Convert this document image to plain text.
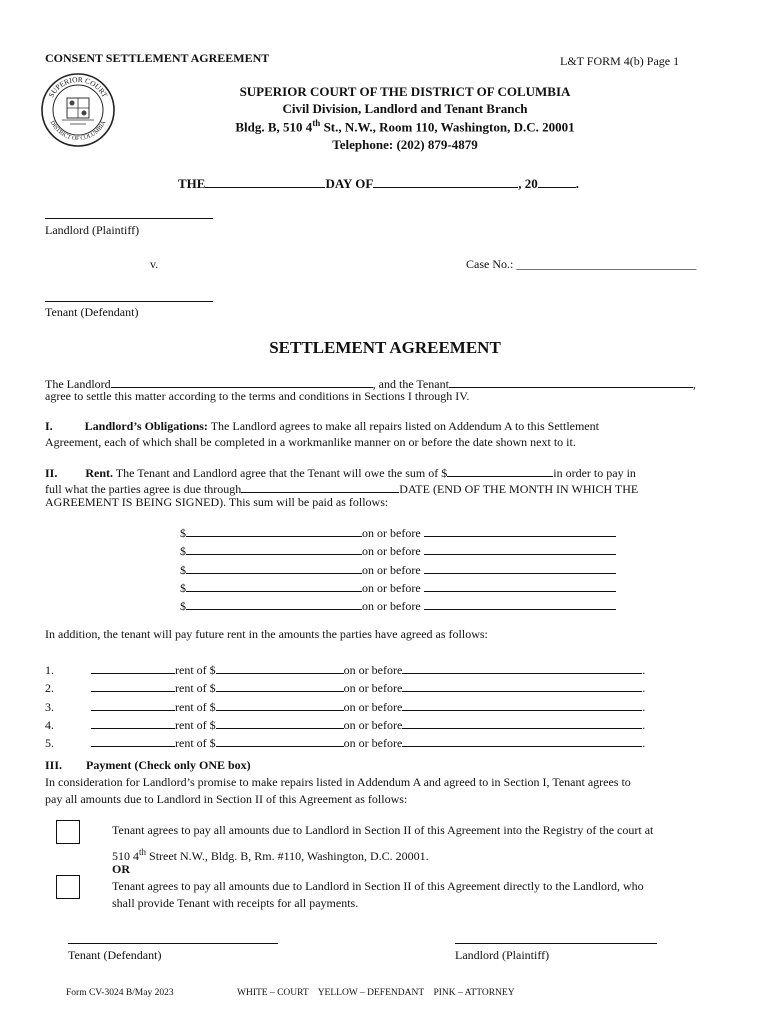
CONSENT SETTLEMENT AGREEMENT	L&T FORM 4(b) Page 1
SUPERIOR COURT
DISTRICT OF COLUMBIA
SUPERIOR COURT OF THE DISTRICT OF COLUMBIA
Civil Division, Landlord and Tenant Branch
Bldg. B, 510 4th St., N.W., Room 110, Washington, D.C. 20001
Telephone: (202) 879-4879
THE	DAY OF	, 20	.
Landlord (Plaintiff)
v.	Case No.: ______________________________
Tenant (Defendant)
SETTLEMENT AGREEMENT
The Landlord	, and the Tenant	,
agree to settle this matter according to the terms and conditions in Sections I through IV.
I.	Landlord’s Obligations: The Landlord agrees to make all repairs listed on Addendum A to this Settlement
Agreement, each of which shall be completed in a workmanlike manner on or before the date shown next to it.
II. Rent. The Tenant and Landlord agree that the Tenant will owe the sum of $	in order to pay in
full what the parties agree is due through	DATE (END OF THE MONTH IN WHICH THE
AGREEMENT IS BEING SIGNED). This sum will be paid as follows:
$	on or before
$	on or before
$	on or before
$	on or before
$	on or before
In addition, the tenant will pay future rent in the amounts the parties have agreed as follows:
1.	rent of $	on or before	.
2.	rent of $	on or before	.
3.	rent of $	on or before	.
4.	rent of $	on or before	.
5.	rent of $	on or before	.
III. Payment (Check only ONE box)
In consideration for Landlord’s promise to make repairs listed in Addendum A and agreed to in Section I, Tenant agrees to
pay all amounts due to Landlord in Section II of this Agreement as follows:
Tenant agrees to pay all amounts due to Landlord in Section II of this Agreement into the Registry of the court at
510 4th Street N.W., Bldg. B, Rm. #110, Washington, D.C. 20001.
OR
Tenant agrees to pay all amounts due to Landlord in Section II of this Agreement directly to the Landlord, who
shall provide Tenant with receipts for all payments.
Tenant (Defendant)	Landlord (Plaintiff)
Form CV-3024 B/May 2023	WHITE – COURT    YELLOW – DEFENDANT    PINK – ATTORNEY
